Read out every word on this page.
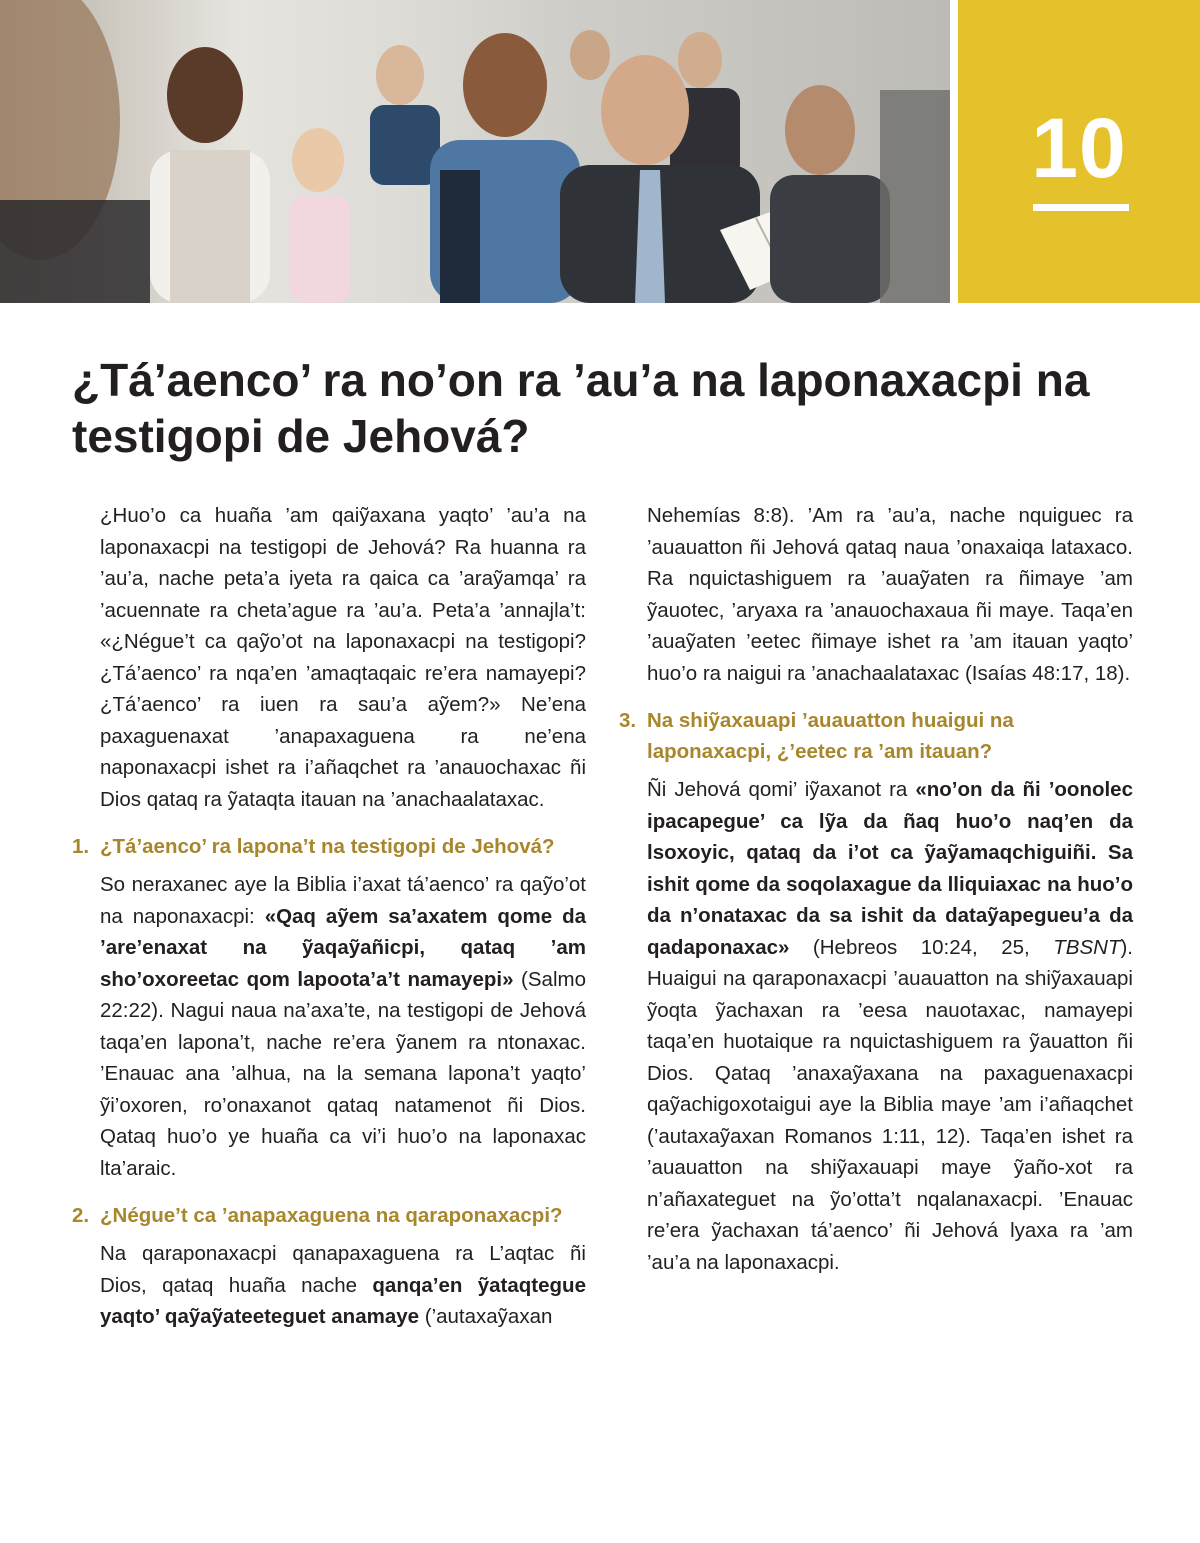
10
¿Tá’aenco’ ra no’on ra ’au’a na laponaxacpi na testigopi de Jehová?

¿Huo’o ca huaña ’am qaiỹaxana yaqto’ ’au’a na laponaxacpi na testigopi de Jehová? Ra huanna ra ’au’a, nache peta’a iyeta ra qaica ca ’araỹamqa’ ra ’acuennate ra cheta’ague ra ’au’a. Peta’a ’annajla’t: «¿Négue’t ca qaỹo’ot na laponaxacpi na testigopi? ¿Tá’aenco’ ra nqa’en ’amaqtaqaic re’era namayepi? ¿Tá’aenco’ ra iuen ra sau’a aỹem?» Ne’ena paxaguenaxat ’anapaxaguena ra ne’ena naponaxacpi ishet ra i’añaqchet ra ’anauochaxac ñi Dios qataq ra ỹataqta itauan na ’anachaalataxac.

1. ¿Tá’aenco’ ra lapona’t na testigopi de Jehová?

So neraxanec aye la Biblia i’axat tá’aenco’ ra qaỹo’ot na naponaxacpi: «Qaq aỹem sa’axatem qome da ’are’enaxat na ỹaqaỹañicpi, qataq ’am sho’oxoreetac qom lapoota’a’t namayepi» (Salmo 22:22). Nagui naua na’axa’te, na testigopi de Jehová taqa’en lapona’t, nache re’era ỹanem ra ntonaxac. ’Enauac ana ’alhua, na la semana lapona’t yaqto’ ỹi’oxoren, ro’onaxanot qataq natamenot ñi Dios. Qataq huo’o ye huaña ca vi’i huo’o na laponaxac lta’araic.

2. ¿Négue’t ca ’anapaxaguena na qaraponaxacpi?

Na qaraponaxacpi qanapaxaguena ra L’aqtac ñi Dios, qataq huaña nache qanqa’en ỹataqtegue yaqto’ qaỹaỹateeteguet anamaye (’autaxaỹaxan

Nehemías 8:8). ’Am ra ’au’a, nache nquiguec ra ’auauatton ñi Jehová qataq naua ’onaxaiqa lataxaco. Ra nquictashiguem ra ’auaỹaten ra ñimaye ’am ỹauotec, ’aryaxa ra ’anauochaxaua ñi maye. Taqa’en ’auaỹaten ’eetec ñimaye ishet ra ’am itauan yaqto’ huo’o ra naigui ra ’anachaalataxac (Isaías 48:17, 18).

3. Na shiỹaxauapi ’auauatton huaigui na laponaxacpi, ¿’eetec ra ’am itauan?

Ñi Jehová qomi’ iỹaxanot ra «no’on da ñi ’oonolec ipacapegue’ ca lỹa da ñaq huo’o naq’en da lsoxoyic, qataq da i’ot ca ỹaỹamaqchiguiñi. Sa ishit qome da soqolaxague da lliquiaxac na huo’o da n’onataxac da sa ishit da dataỹapegueu’a da qadaponaxac» (Hebreos 10:24, 25, TBSNT). Huaigui na qaraponaxacpi ’auauatton na shiỹaxauapi ỹoqta ỹachaxan ra ’eesa nauotaxac, namayepi taqa’en huotaique ra nquictashiguem ra ỹauatton ñi Dios. Qataq ’anaxaỹaxana na paxaguenaxacpi qaỹachigoxotaigui aye la Biblia maye ’am i’añaqchet (’autaxaỹaxan Romanos 1:11, 12). Taqa’en ishet ra ’auauatton na shiỹaxauapi maye ỹaño-xot ra n’añaxateguet na ỹo’otta’t nqalanaxacpi. ’Enauac re’era ỹachaxan tá’aenco’ ñi Jehová lyaxa ra ’am ’au’a na laponaxacpi.
